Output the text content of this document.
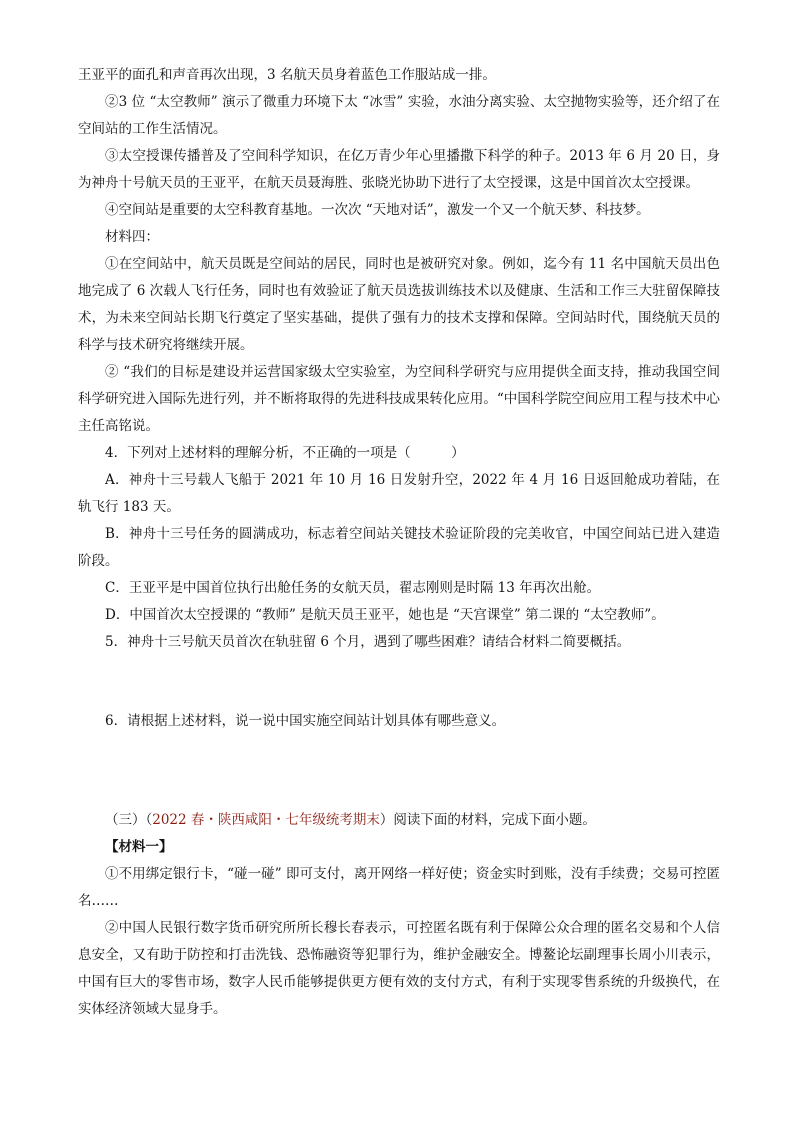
王亚平的面孔和声音再次出现，3 名航天员身着蓝色工作服站成一排。

②3 位 “太空教师” 演示了微重力环境下太 “冰雪” 实验，水油分离实验、太空抛物实验等，还介绍了在空间站的工作生活情况。

③太空授课传播普及了空间科学知识，在亿万青少年心里播撒下科学的种子。2013 年 6 月 20 日，身为神舟十号航天员的王亚平，在航天员聂海胜、张晓光协助下进行了太空授课，这是中国首次太空授课。

④空间站是重要的太空科教育基地。一次次 “天地对话”，激发一个又一个航天梦、科技梦。

材料四：

①在空间站中，航天员既是空间站的居民，同时也是被研究对象。例如，迄今有 11 名中国航天员出色地完成了 6 次载人飞行任务，同时也有效验证了航天员选拔训练技术以及健康、生活和工作三大驻留保障技术，为未来空间站长期飞行奠定了坚实基础，提供了强有力的技术支撑和保障。空间站时代，围绕航天员的科学与技术研究将继续开展。

② “我们的目标是建设并运营国家级太空实验室，为空间科学研究与应用提供全面支持，推动我国空间科学研究进入国际先进行列，并不断将取得的先进科技成果转化应用。“中国科学院空间应用工程与技术中心主任高铭说。

4．下列对上述材料的理解分析，不正确的一项是（　　　）

A．神舟十三号载人飞船于 2021 年 10 月 16 日发射升空，2022 年 4 月 16 日返回舱成功着陆，在轨飞行 183 天。

B．神舟十三号任务的圆满成功，标志着空间站关键技术验证阶段的完美收官，中国空间站已进入建造阶段。

C．王亚平是中国首位执行出舱任务的女航天员，翟志刚则是时隔 13 年再次出舱。

D．中国首次太空授课的 “教师” 是航天员王亚平，她也是 “天宫课堂” 第二课的 “太空教师”。

5．神舟十三号航天员首次在轨驻留 6 个月，遇到了哪些困难？请结合材料二简要概括。

6．请根据上述材料，说一说中国实施空间站计划具体有哪些意义。

（三）（2022 春・陕西咸阳・七年级统考期末）阅读下面的材料，完成下面小题。

【材料一】

①不用绑定银行卡，“碰一碰” 即可支付，离开网络一样好使；资金实时到账，没有手续费；交易可控匿名……

②中国人民银行数字货币研究所所长穆长春表示，可控匿名既有利于保障公众合理的匿名交易和个人信息安全，又有助于防控和打击洗钱、恐怖融资等犯罪行为，维护金融安全。博鳌论坛副理事长周小川表示，中国有巨大的零售市场，数字人民币能够提供更方便有效的支付方式，有利于实现零售系统的升级换代，在实体经济领域大显身手。
